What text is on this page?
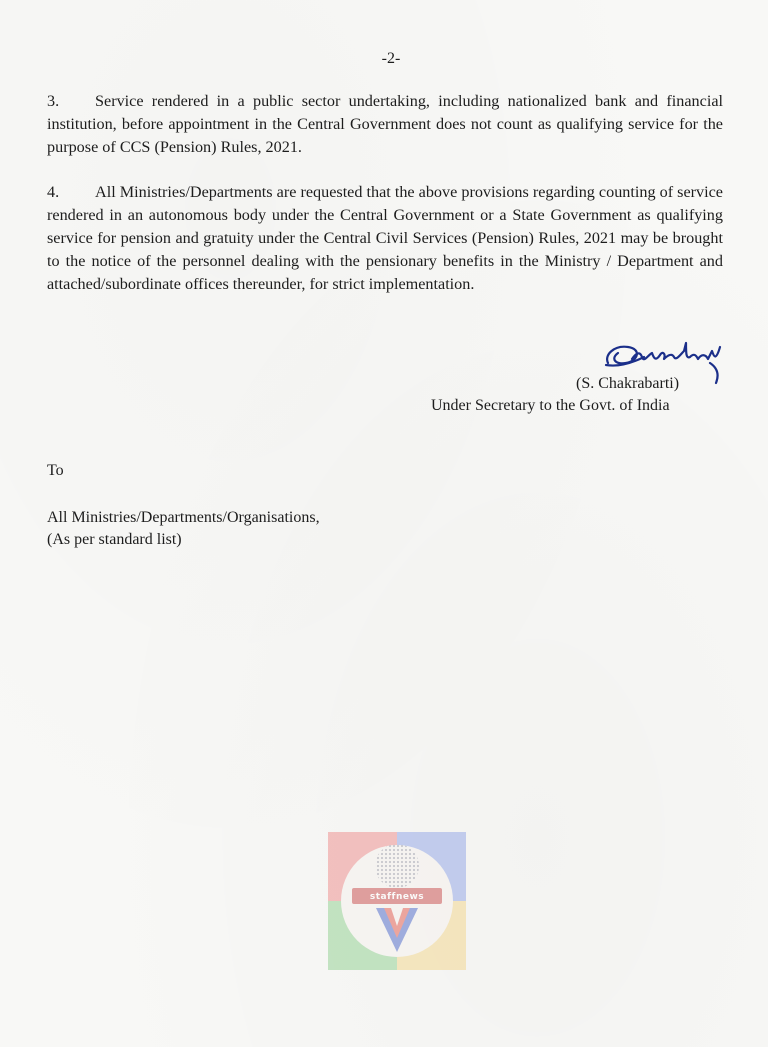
-2-

3. Service rendered in a public sector undertaking, including nationalized bank and financial institution, before appointment in the Central Government does not count as qualifying service for the purpose of CCS (Pension) Rules, 2021.

4. All Ministries/Departments are requested that the above provisions regarding counting of service rendered in an autonomous body under the Central Government or a State Government as qualifying service for pension and gratuity under the Central Civil Services (Pension) Rules, 2021 may be brought to the notice of the personnel dealing with the pensionary benefits in the Ministry / Department and attached/subordinate offices thereunder, for strict implementation.

(S. Chakrabarti)
Under Secretary to the Govt. of India
To
All Ministries/Departments/Organisations,
(As per standard list)
staffnews
